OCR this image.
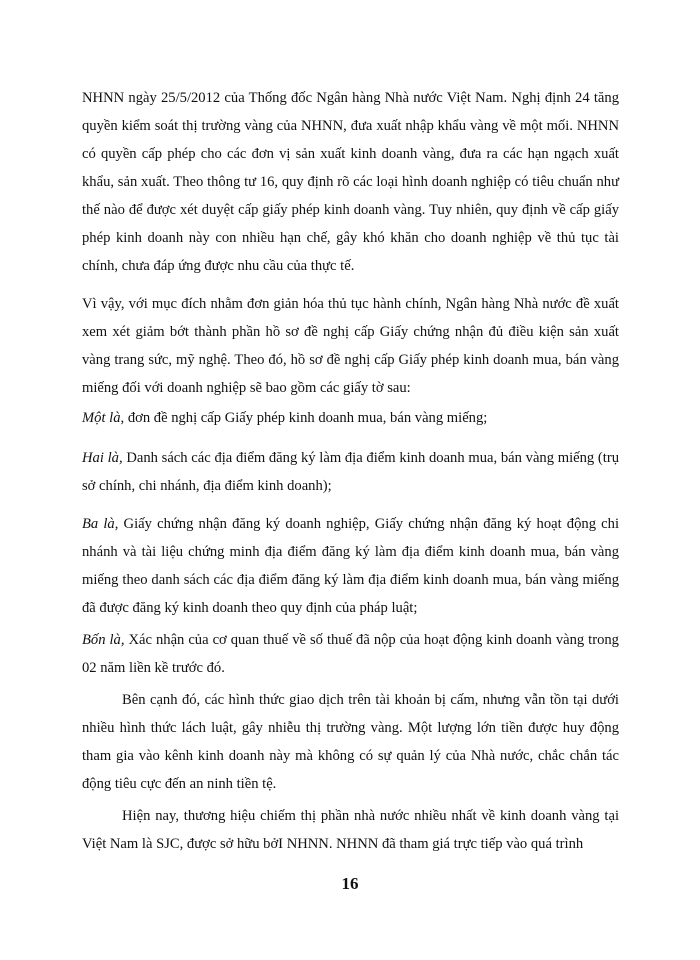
NHNN ngày 25/5/2012 của Thống đốc Ngân hàng Nhà nước Việt Nam. Nghị định 24 tăng quyền kiểm soát thị trường vàng của NHNN, đưa xuất nhập khẩu vàng về một mối. NHNN có quyền cấp phép cho các đơn vị sản xuất kinh doanh vàng, đưa ra các hạn ngạch xuất khẩu, sản xuất. Theo thông tư 16, quy định rõ các loại hình doanh nghiệp có tiêu chuẩn như thế nào để được xét duyệt cấp giấy phép kinh doanh vàng. Tuy nhiên, quy định về cấp giấy phép kinh doanh này con nhiều hạn chế, gây khó khăn cho doanh nghiệp về thủ tục tài chính, chưa đáp ứng được nhu cầu của thực tế.

Vì vậy, với mục đích nhằm đơn giản hóa thủ tục hành chính, Ngân hàng Nhà nước đề xuất xem xét giảm bớt thành phần hồ sơ đề nghị cấp Giấy chứng nhận đủ điều kiện sản xuất vàng trang sức, mỹ nghệ. Theo đó, hồ sơ đề nghị cấp Giấy phép kinh doanh mua, bán vàng miếng đối với doanh nghiệp sẽ bao gồm các giấy tờ sau:

Một là, đơn đề nghị cấp Giấy phép kinh doanh mua, bán vàng miếng;

Hai là, Danh sách các địa điểm đăng ký làm địa điểm kinh doanh mua, bán vàng miếng (trụ sở chính, chi nhánh, địa điểm kinh doanh);

Ba là, Giấy chứng nhận đăng ký doanh nghiệp, Giấy chứng nhận đăng ký hoạt động chi nhánh và tài liệu chứng minh địa điểm đăng ký làm địa điểm kinh doanh mua, bán vàng miếng theo danh sách các địa điểm đăng ký làm địa điểm kinh doanh mua, bán vàng miếng đã được đăng ký kinh doanh theo quy định của pháp luật;

Bốn là, Xác nhận của cơ quan thuế về số thuế đã nộp của hoạt động kinh doanh vàng trong 02 năm liền kề trước đó.

Bên cạnh đó, các hình thức giao dịch trên tài khoản bị cấm, nhưng vẫn tồn tại dưới nhiều hình thức lách luật, gây nhiễu thị trường vàng. Một lượng lớn tiền được huy động tham gia vào kênh kinh doanh này mà không có sự quản lý của Nhà nước, chắc chắn tác động tiêu cực đến an ninh tiền tệ.

Hiện nay, thương hiệu chiếm thị phần nhà nước nhiều nhất về kinh doanh vàng tại Việt Nam là SJC, được sở hữu bởI NHNN. NHNN đã tham giá trực tiếp vào quá trình

16
